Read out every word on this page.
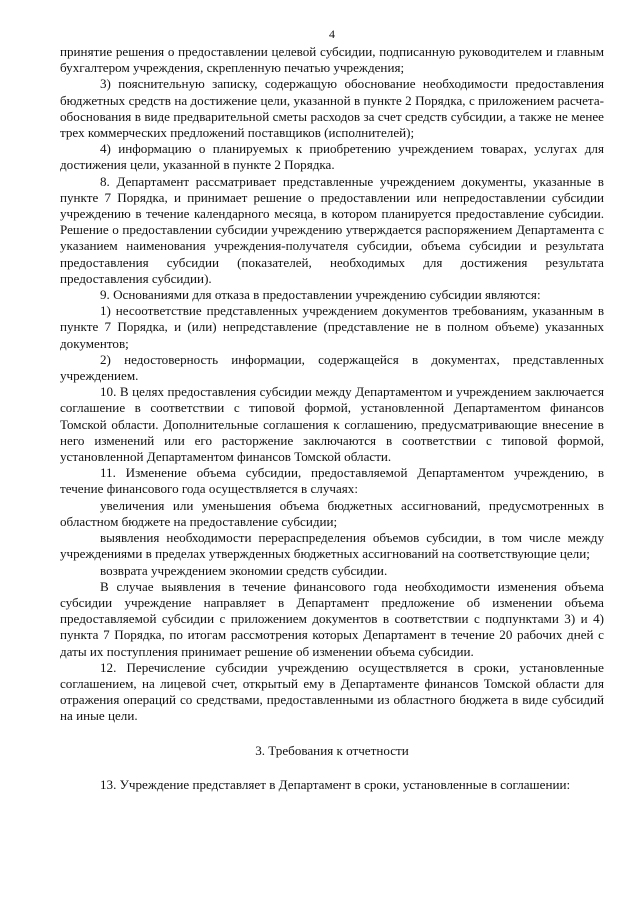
4

принятие решения о предоставлении целевой субсидии, подписанную руководителем и главным бухгалтером учреждения, скрепленную печатью учреждения;

3) пояснительную записку, содержащую обоснование необходимости предоставления бюджетных средств на достижение цели, указанной в пункте 2 Порядка, с приложением расчета-обоснования в виде предварительной сметы расходов за счет средств субсидии, а также не менее трех коммерческих предложений поставщиков (исполнителей);

4) информацию о планируемых к приобретению учреждением товарах, услугах для достижения цели, указанной в пункте 2 Порядка.

8. Департамент рассматривает представленные учреждением документы, указанные в пункте 7 Порядка, и принимает решение о предоставлении или непредоставлении субсидии учреждению в течение календарного месяца, в котором планируется предоставление субсидии. Решение о предоставлении субсидии учреждению утверждается распоряжением Департамента с указанием наименования учреждения-получателя субсидии, объема субсидии и результата предоставления субсидии (показателей, необходимых для достижения результата предоставления субсидии).

9. Основаниями для отказа в предоставлении учреждению субсидии являются:

1) несоответствие представленных учреждением документов требованиям, указанным в пункте 7 Порядка, и (или) непредставление (представление не в полном объеме) указанных документов;

2) недостоверность информации, содержащейся в документах, представленных учреждением.

10. В целях предоставления субсидии между Департаментом и учреждением заключается соглашение в соответствии с типовой формой, установленной Департаментом финансов Томской области. Дополнительные соглашения к соглашению, предусматривающие внесение в него изменений или его расторжение заключаются в соответствии с типовой формой, установленной Департаментом финансов Томской области.

11. Изменение объема субсидии, предоставляемой Департаментом учреждению, в течение финансового года осуществляется в случаях:

увеличения или уменьшения объема бюджетных ассигнований, предусмотренных в областном бюджете на предоставление субсидии;

выявления необходимости перераспределения объемов субсидии, в том числе между учреждениями в пределах утвержденных бюджетных ассигнований на соответствующие цели;

возврата учреждением экономии средств субсидии.

В случае выявления в течение финансового года необходимости изменения объема субсидии учреждение направляет в Департамент предложение об изменении объема предоставляемой субсидии с приложением документов в соответствии с подпунктами 3) и 4) пункта 7 Порядка, по итогам рассмотрения которых Департамент в течение 20 рабочих дней с даты их поступления принимает решение об изменении объема субсидии.

12. Перечисление субсидии учреждению осуществляется в сроки, установленные соглашением, на лицевой счет, открытый ему в Департаменте финансов Томской области для отражения операций со средствами, предоставленными из областного бюджета в виде субсидий на иные цели.

3. Требования к отчетности

13. Учреждение представляет в Департамент в сроки, установленные в соглашении:
